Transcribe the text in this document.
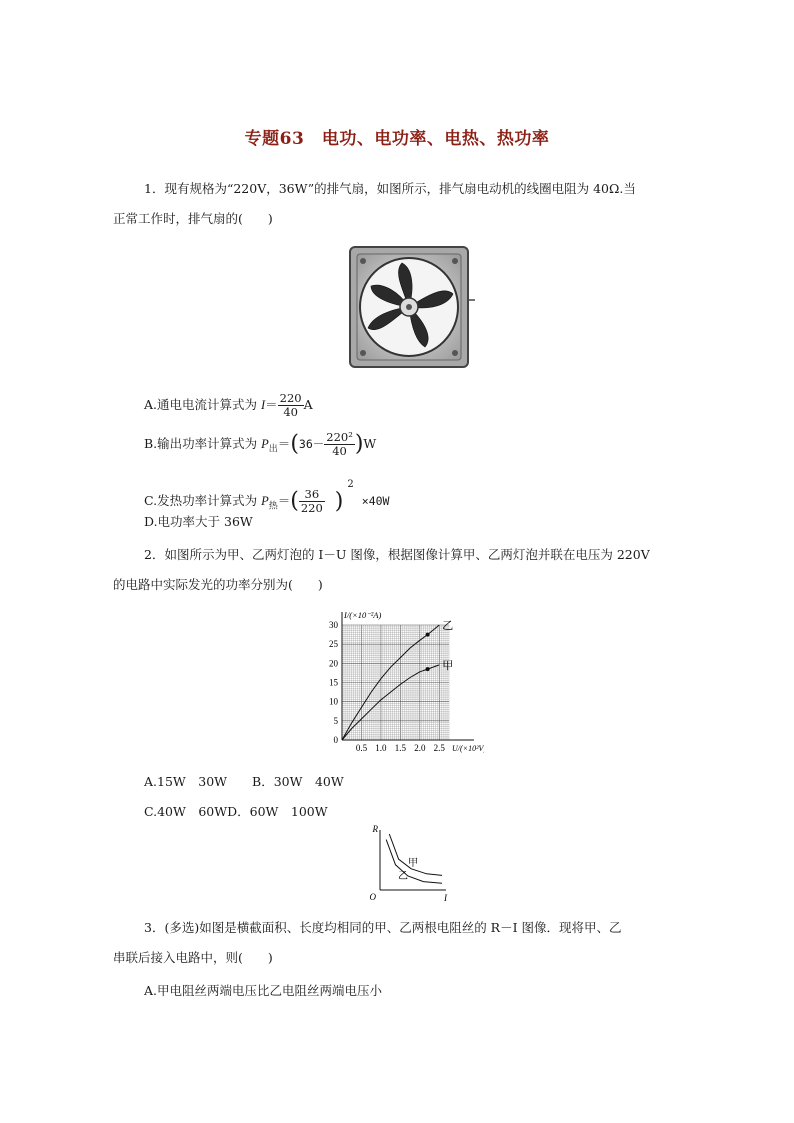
专题63　电功、电功率、电热、热功率
1．现有规格为“220V，36W”的排气扇，如图所示，排气扇电动机的线圈电阻为 40Ω.当
正常工作时，排气扇的(　　)
A.通电电流计算式为 $I= \frac{220}{40}$ A
B.输出功率计算式为 $P_出=(36- \frac{\text{220²}}{40} )W$
C.发热功率计算式为 $P_热=( \frac{36}{220} )^2\times 40W$
D.电功率大于 36W
2．如图所示为甲、乙两灯泡的 I－U 图像，根据图像计算甲、乙两灯泡并联在电压为 220V
的电路中实际发光的功率分别为(　　)
I/(×10⁻²A)
U/(×10²V)
0
5
10
15
20
25
30
0.5 1.0 1.5 2.0 2.5
乙
甲
A.15W　30W　　B．30W　40W
C.40W　60WD．60W　100W
R
I
O
甲
乙
3．(多选)如图是横截面积、长度均相同的甲、乙两根电阻丝的 R－I 图像．现将甲、乙
串联后接入电路中，则(　　)
A.甲电阻丝两端电压比乙电阻丝两端电压小
